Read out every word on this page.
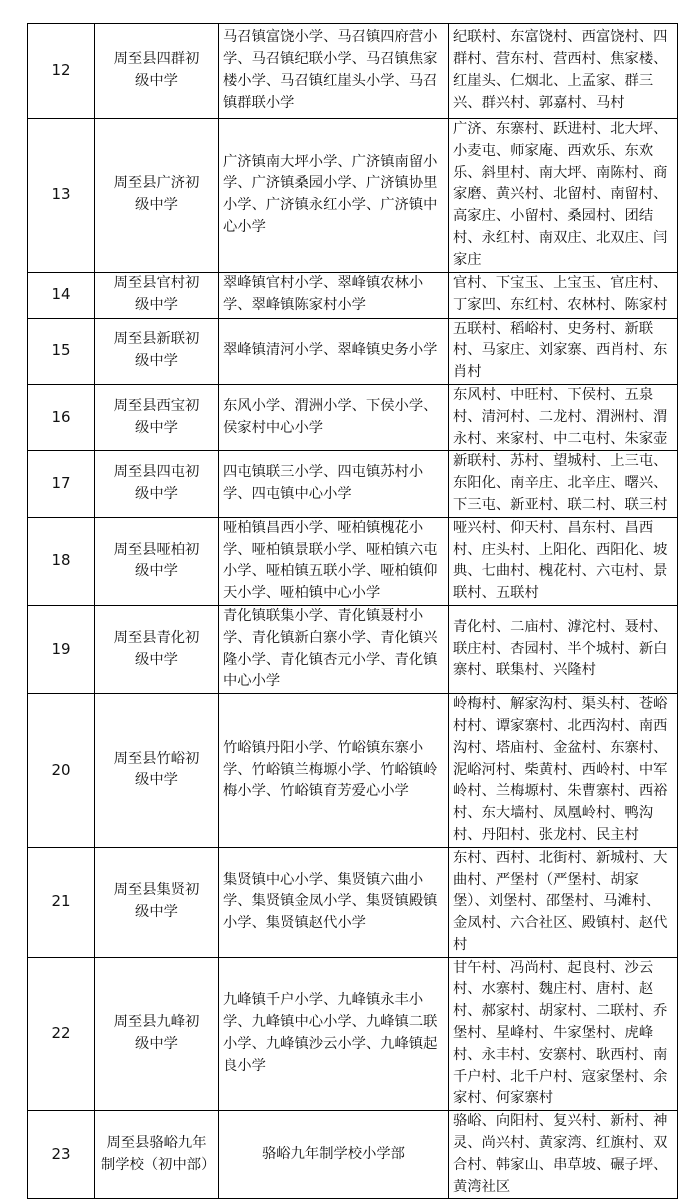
12	周至县四群初级中学	马召镇富饶小学、马召镇四府营小学、马召镇纪联小学、马召镇焦家楼小学、马召镇红崖头小学、马召镇群联小学	纪联村、东富饶村、西富饶村、四群村、营东村、营西村、焦家楼、红崖头、仁烟北、上孟家、群三兴、群兴村、郭嘉村、马村
13	周至县广济初级中学	广济镇南大坪小学、广济镇南留小学、广济镇桑园小学、广济镇协里小学、广济镇永红小学、广济镇中心小学	广济、东寨村、跃进村、北大坪、小麦屯、师家庵、西欢乐、东欢乐、斜里村、南大坪、南陈村、商家磨、黄兴村、北留村、南留村、高家庄、小留村、桑园村、团结村、永红村、南双庄、北双庄、闫家庄
14	周至县官村初级中学	翠峰镇官村小学、翠峰镇农林小学、翠峰镇陈家村小学	官村、下宝玉、上宝玉、官庄村、丁家凹、东红村、农林村、陈家村
15	周至县新联初级中学	翠峰镇清河小学、翠峰镇史务小学	五联村、稻峪村、史务村、新联村、马家庄、刘家寨、西肖村、东肖村
16	周至县西宝初级中学	东风小学、渭洲小学、下侯小学、侯家村中心小学	东风村、中旺村、下侯村、五泉村、清河村、二龙村、渭洲村、渭永村、来家村、中二屯村、朱家壶
17	周至县四屯初级中学	四屯镇联三小学、四屯镇苏村小学、四屯镇中心小学	新联村、苏村、望城村、上三屯、东阳化、南辛庄、北辛庄、曙兴、下三屯、新亚村、联二村、联三村
18	周至县哑柏初级中学	哑柏镇昌西小学、哑柏镇槐花小学、哑柏镇景联小学、哑柏镇六屯小学、哑柏镇五联小学、哑柏镇仰天小学、哑柏镇中心小学	哑兴村、仰天村、昌东村、昌西村、庄头村、上阳化、西阳化、坡典、七曲村、槐花村、六屯村、景联村、五联村
19	周至县青化初级中学	青化镇联集小学、青化镇聂村小学、青化镇新白寨小学、青化镇兴隆小学、青化镇杏元小学、青化镇中心小学	青化村、二庙村、滹沱村、聂村、联庄村、杏园村、半个城村、新白寨村、联集村、兴隆村
20	周至县竹峪初级中学	竹峪镇丹阳小学、竹峪镇东寨小学、竹峪镇兰梅塬小学、竹峪镇岭梅小学、竹峪镇育芳爱心小学	岭梅村、解家沟村、渠头村、苍峪村村、谭家寨村、北西沟村、南西沟村、塔庙村、金盆村、东寨村、泥峪河村、柴黄村、西岭村、中军岭村、兰梅塬村、朱曹寨村、西裕村、东大墙村、凤凰岭村、鸭沟村、丹阳村、张龙村、民主村
21	周至县集贤初级中学	集贤镇中心小学、集贤镇六曲小学、集贤镇金凤小学、集贤镇殿镇小学、集贤镇赵代小学	东村、西村、北街村、新城村、大曲村、严堡村（严堡村、胡家堡）、刘堡村、邵堡村、马滩村、金凤村、六合社区、殿镇村、赵代村
22	周至县九峰初级中学	九峰镇千户小学、九峰镇永丰小学、九峰镇中心小学、九峰镇二联小学、九峰镇沙云小学、九峰镇起良小学	甘午村、冯尚村、起良村、沙云村、水寨村、魏庄村、唐村、赵村、郝家村、胡家村、二联村、乔堡村、星峰村、牛家堡村、虎峰村、永丰村、安寨村、耿西村、南千户村、北千户村、寇家堡村、余家村、何家寨村
23	周至县骆峪九年制学校（初中部）	骆峪九年制学校小学部	骆峪、向阳村、复兴村、新村、神灵、尚兴村、黄家湾、红旗村、双合村、韩家山、串草坡、碾子坪、黄湾社区
